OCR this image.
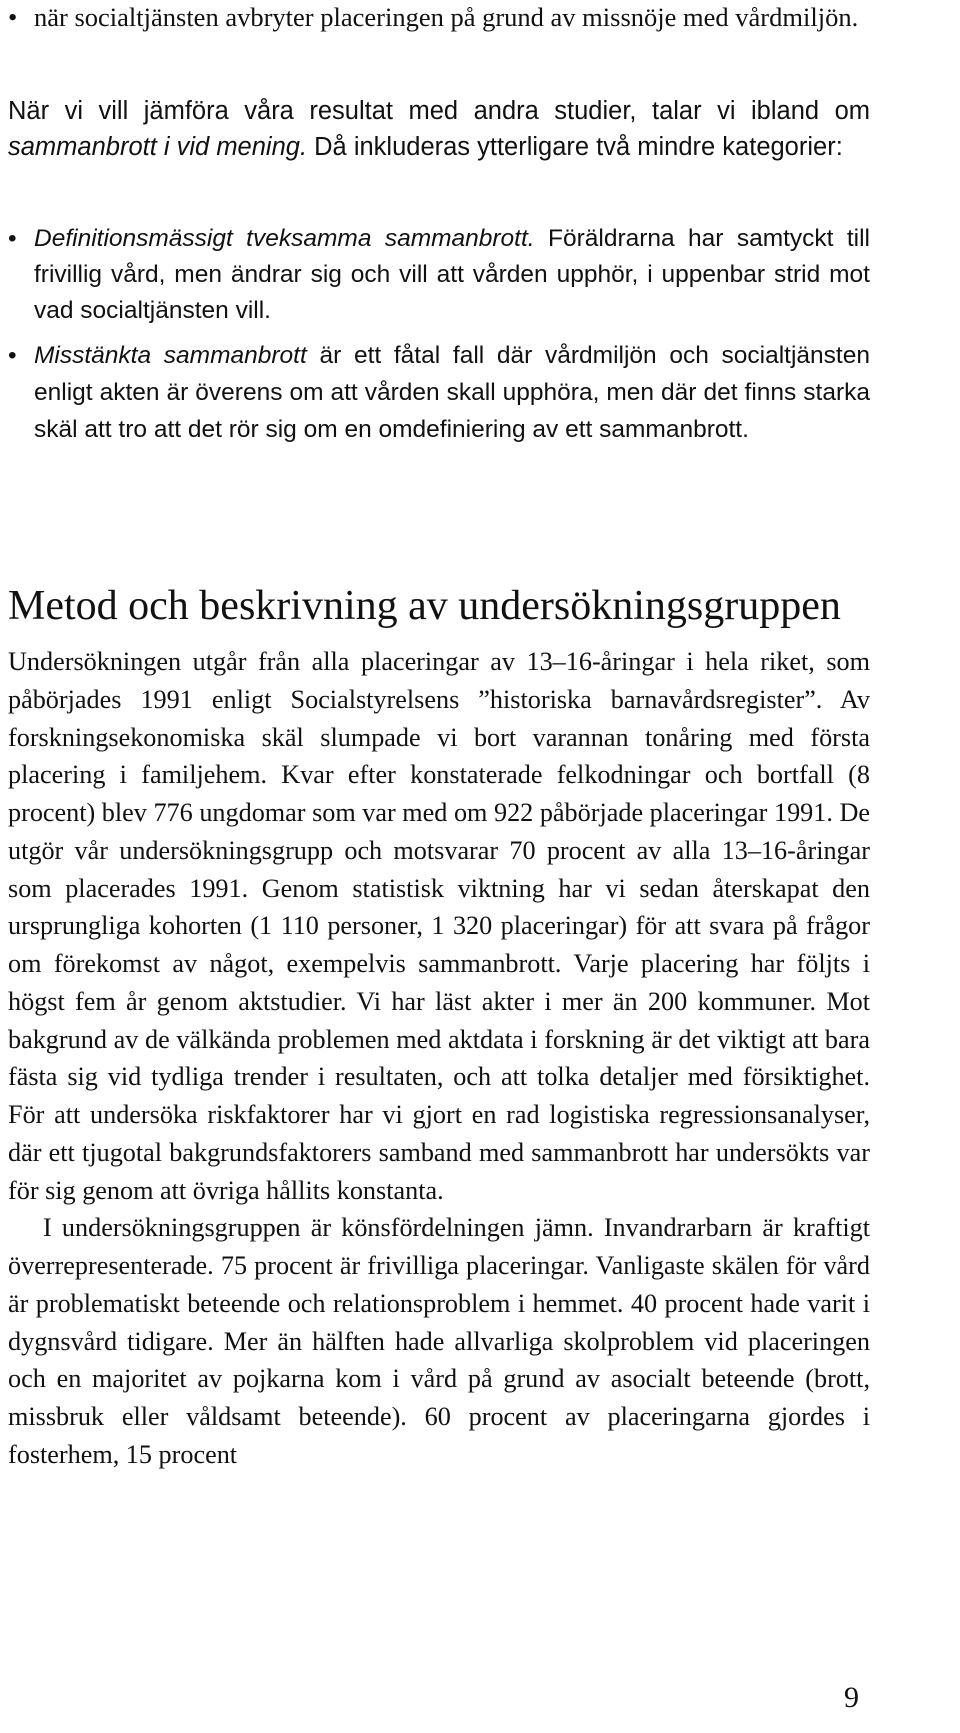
• när socialtjänsten avbryter placeringen på grund av missnöje med vårdmiljön.

När vi vill jämföra våra resultat med andra studier, talar vi ibland om sammanbrott i vid mening. Då inkluderas ytterligare två mindre kategorier:

• Definitionsmässigt tveksamma sammanbrott. Föräldrarna har samtyckt till frivillig vård, men ändrar sig och vill att vården upphör, i uppenbar strid mot vad socialtjänsten vill.
• Misstänkta sammanbrott är ett fåtal fall där vårdmiljön och socialtjänsten enligt akten är överens om att vården skall upphöra, men där det finns starka skäl att tro att det rör sig om en omdefiniering av ett sammanbrott.
Metod och beskrivning av undersökningsgruppen

Undersökningen utgår från alla placeringar av 13–16-åringar i hela riket, som påbörjades 1991 enligt Socialstyrelsens ”historiska barnavårdsregister”. Av forskningsekonomiska skäl slumpade vi bort varannan tonåring med första placering i familjehem. Kvar efter konstaterade felkodningar och bortfall (8 procent) blev 776 ungdomar som var med om 922 påbörjade placeringar 1991. De utgör vår undersökningsgrupp och motsvarar 70 procent av alla 13–16-åringar som placerades 1991. Genom statistisk viktning har vi sedan återskapat den ursprungliga kohorten (1 110 personer, 1 320 placeringar) för att svara på frågor om förekomst av något, exempelvis sammanbrott. Varje placering har följts i högst fem år genom aktstudier. Vi har läst akter i mer än 200 kommuner. Mot bakgrund av de välkända problemen med aktdata i forskning är det viktigt att bara fästa sig vid tydliga trender i resultaten, och att tolka detaljer med försiktighet. För att undersöka riskfaktorer har vi gjort en rad logistiska regressionsanalyser, där ett tjugotal bakgrundsfaktorers samband med sammanbrott har undersökts var för sig genom att övriga hållits konstanta.

I undersökningsgruppen är könsfördelningen jämn. Invandrarbarn är kraftigt överrepresenterade. 75 procent är frivilliga placeringar. Vanligaste skälen för vård är problematiskt beteende och relationsproblem i hemmet. 40 procent hade varit i dygnsvård tidigare. Mer än hälften hade allvarliga skolproblem vid placeringen och en majoritet av pojkarna kom i vård på grund av asocialt beteende (brott, missbruk eller våldsamt beteende). 60 procent av placeringarna gjordes i fosterhem, 15 procent

9
